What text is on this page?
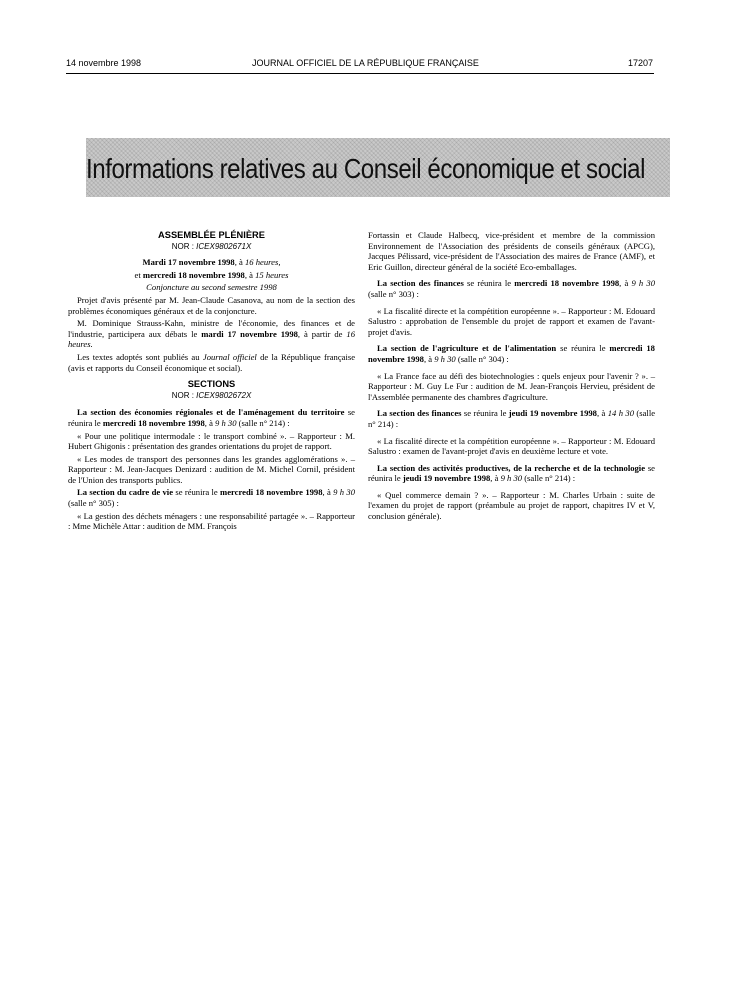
14 novembre 1998	JOURNAL OFFICIEL DE LA RÉPUBLIQUE FRANÇAISE	17207
Informations relatives au Conseil économique et social
ASSEMBLÉE PLÉNIÈRE
NOR : ICEX9802671X

Mardi 17 novembre 1998, à 16 heures,

et mercredi 18 novembre 1998, à 15 heures

Conjoncture au second semestre 1998

Projet d'avis présenté par M. Jean-Claude Casanova, au nom de la section des problèmes économiques généraux et de la conjoncture.

M. Dominique Strauss-Kahn, ministre de l'économie, des finances et de l'industrie, participera aux débats le mardi 17 novembre 1998, à partir de 16 heures.

Les textes adoptés sont publiés au Journal officiel de la République française (avis et rapports du Conseil économique et social).

SECTIONS
NOR : ICEX9802672X

La section des économies régionales et de l'aménagement du territoire se réunira le mercredi 18 novembre 1998, à 9 h 30 (salle n° 214) :

« Pour une politique intermodale : le transport combiné ». – Rapporteur : M. Hubert Ghigonis : présentation des grandes orientations du projet de rapport.

« Les modes de transport des personnes dans les grandes agglomérations ». – Rapporteur : M. Jean-Jacques Denizard : audition de M. Michel Cornil, président de l'Union des transports publics.

La section du cadre de vie se réunira le mercredi 18 novembre 1998, à 9 h 30 (salle n° 305) :

« La gestion des déchets ménagers : une responsabilité partagée ». – Rapporteur : Mme Michèle Attar : audition de MM. François

Fortassin et Claude Halbecq, vice-président et membre de la commission Environnement de l'Association des présidents de conseils généraux (APCG), Jacques Pélissard, vice-président de l'Association des maires de France (AMF), et Eric Guillon, directeur général de la société Eco-emballages.

La section des finances se réunira le mercredi 18 novembre 1998, à 9 h 30 (salle n° 303) :

« La fiscalité directe et la compétition européenne ». – Rapporteur : M. Edouard Salustro : approbation de l'ensemble du projet de rapport et examen de l'avant-projet d'avis.

La section de l'agriculture et de l'alimentation se réunira le mercredi 18 novembre 1998, à 9 h 30 (salle n° 304) :

« La France face au défi des biotechnologies : quels enjeux pour l'avenir ? ». – Rapporteur : M. Guy Le Fur : audition de M. Jean-François Hervieu, président de l'Assemblée permanente des chambres d'agriculture.

La section des finances se réunira le jeudi 19 novembre 1998, à 14 h 30 (salle n° 214) :

« La fiscalité directe et la compétition européenne ». – Rapporteur : M. Edouard Salustro : examen de l'avant-projet d'avis en deuxième lecture et vote.

La section des activités productives, de la recherche et de la technologie se réunira le jeudi 19 novembre 1998, à 9 h 30 (salle n° 214) :

« Quel commerce demain ? ». – Rapporteur : M. Charles Urbain : suite de l'examen du projet de rapport (préambule au projet de rapport, chapitres IV et V, conclusion générale).
